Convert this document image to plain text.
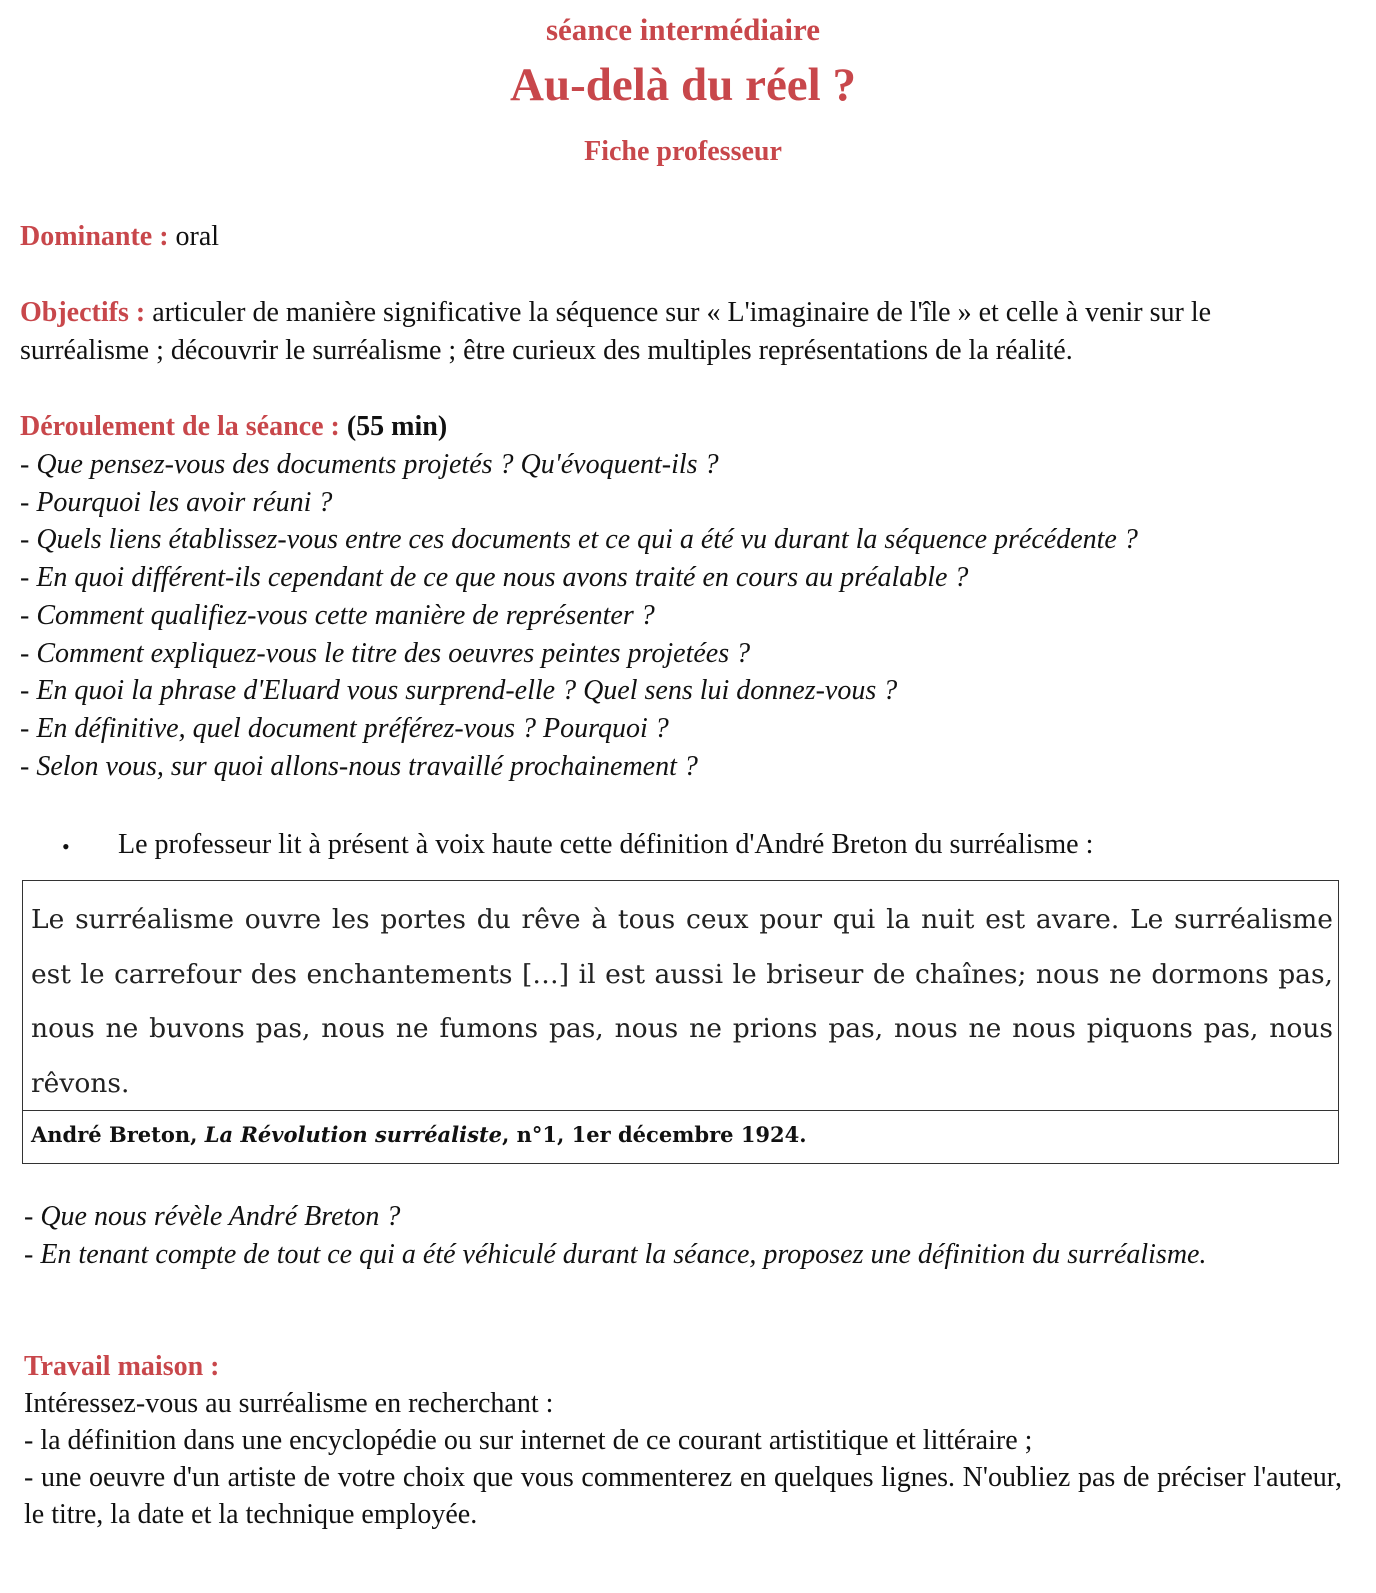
séance intermédiaire
Au-delà du réel ?
Fiche professeur
Dominante : oral
Objectifs : articuler de manière significative la séquence sur « L'imaginaire de l'île » et celle à venir sur le surréalisme ; découvrir le surréalisme ; être curieux des multiples représentations de la réalité.
Déroulement de la séance : (55 min)
- Que pensez-vous des documents projetés ? Qu'évoquent-ils ?
- Pourquoi les avoir réuni ?
- Quels liens établissez-vous entre ces documents et ce qui a été vu durant la séquence précédente ?
- En quoi différent-ils cependant de ce que nous avons traité en cours au préalable ?
- Comment qualifiez-vous cette manière de représenter ?
- Comment expliquez-vous le titre des oeuvres peintes projetées ?
- En quoi la phrase d'Eluard vous surprend-elle ? Quel sens lui donnez-vous ?
- En définitive, quel document préférez-vous ? Pourquoi ?
- Selon vous, sur quoi allons-nous travaillé prochainement ?
• Le professeur lit à présent à voix haute cette définition d'André Breton du surréalisme :
Le surréalisme ouvre les portes du rêve à tous ceux pour qui la nuit est avare. Le surréalisme est le carrefour des enchantements […] il est aussi le briseur de chaînes; nous ne dormons pas, nous ne buvons pas, nous ne fumons pas, nous ne prions pas, nous ne nous piquons pas, nous rêvons.
André Breton, La Révolution surréaliste, n°1, 1er décembre 1924.

- Que nous révèle André Breton ?

- En tenant compte de tout ce qui a été véhiculé durant la séance, proposez une définition du surréalisme.

Travail maison :

Intéressez-vous au surréalisme en recherchant :

- la définition dans une encyclopédie ou sur internet de ce courant artistitique et littéraire ;

- une oeuvre d'un artiste de votre choix que vous commenterez en quelques lignes. N'oubliez pas de préciser l'auteur, le titre, la date et la technique employée.
